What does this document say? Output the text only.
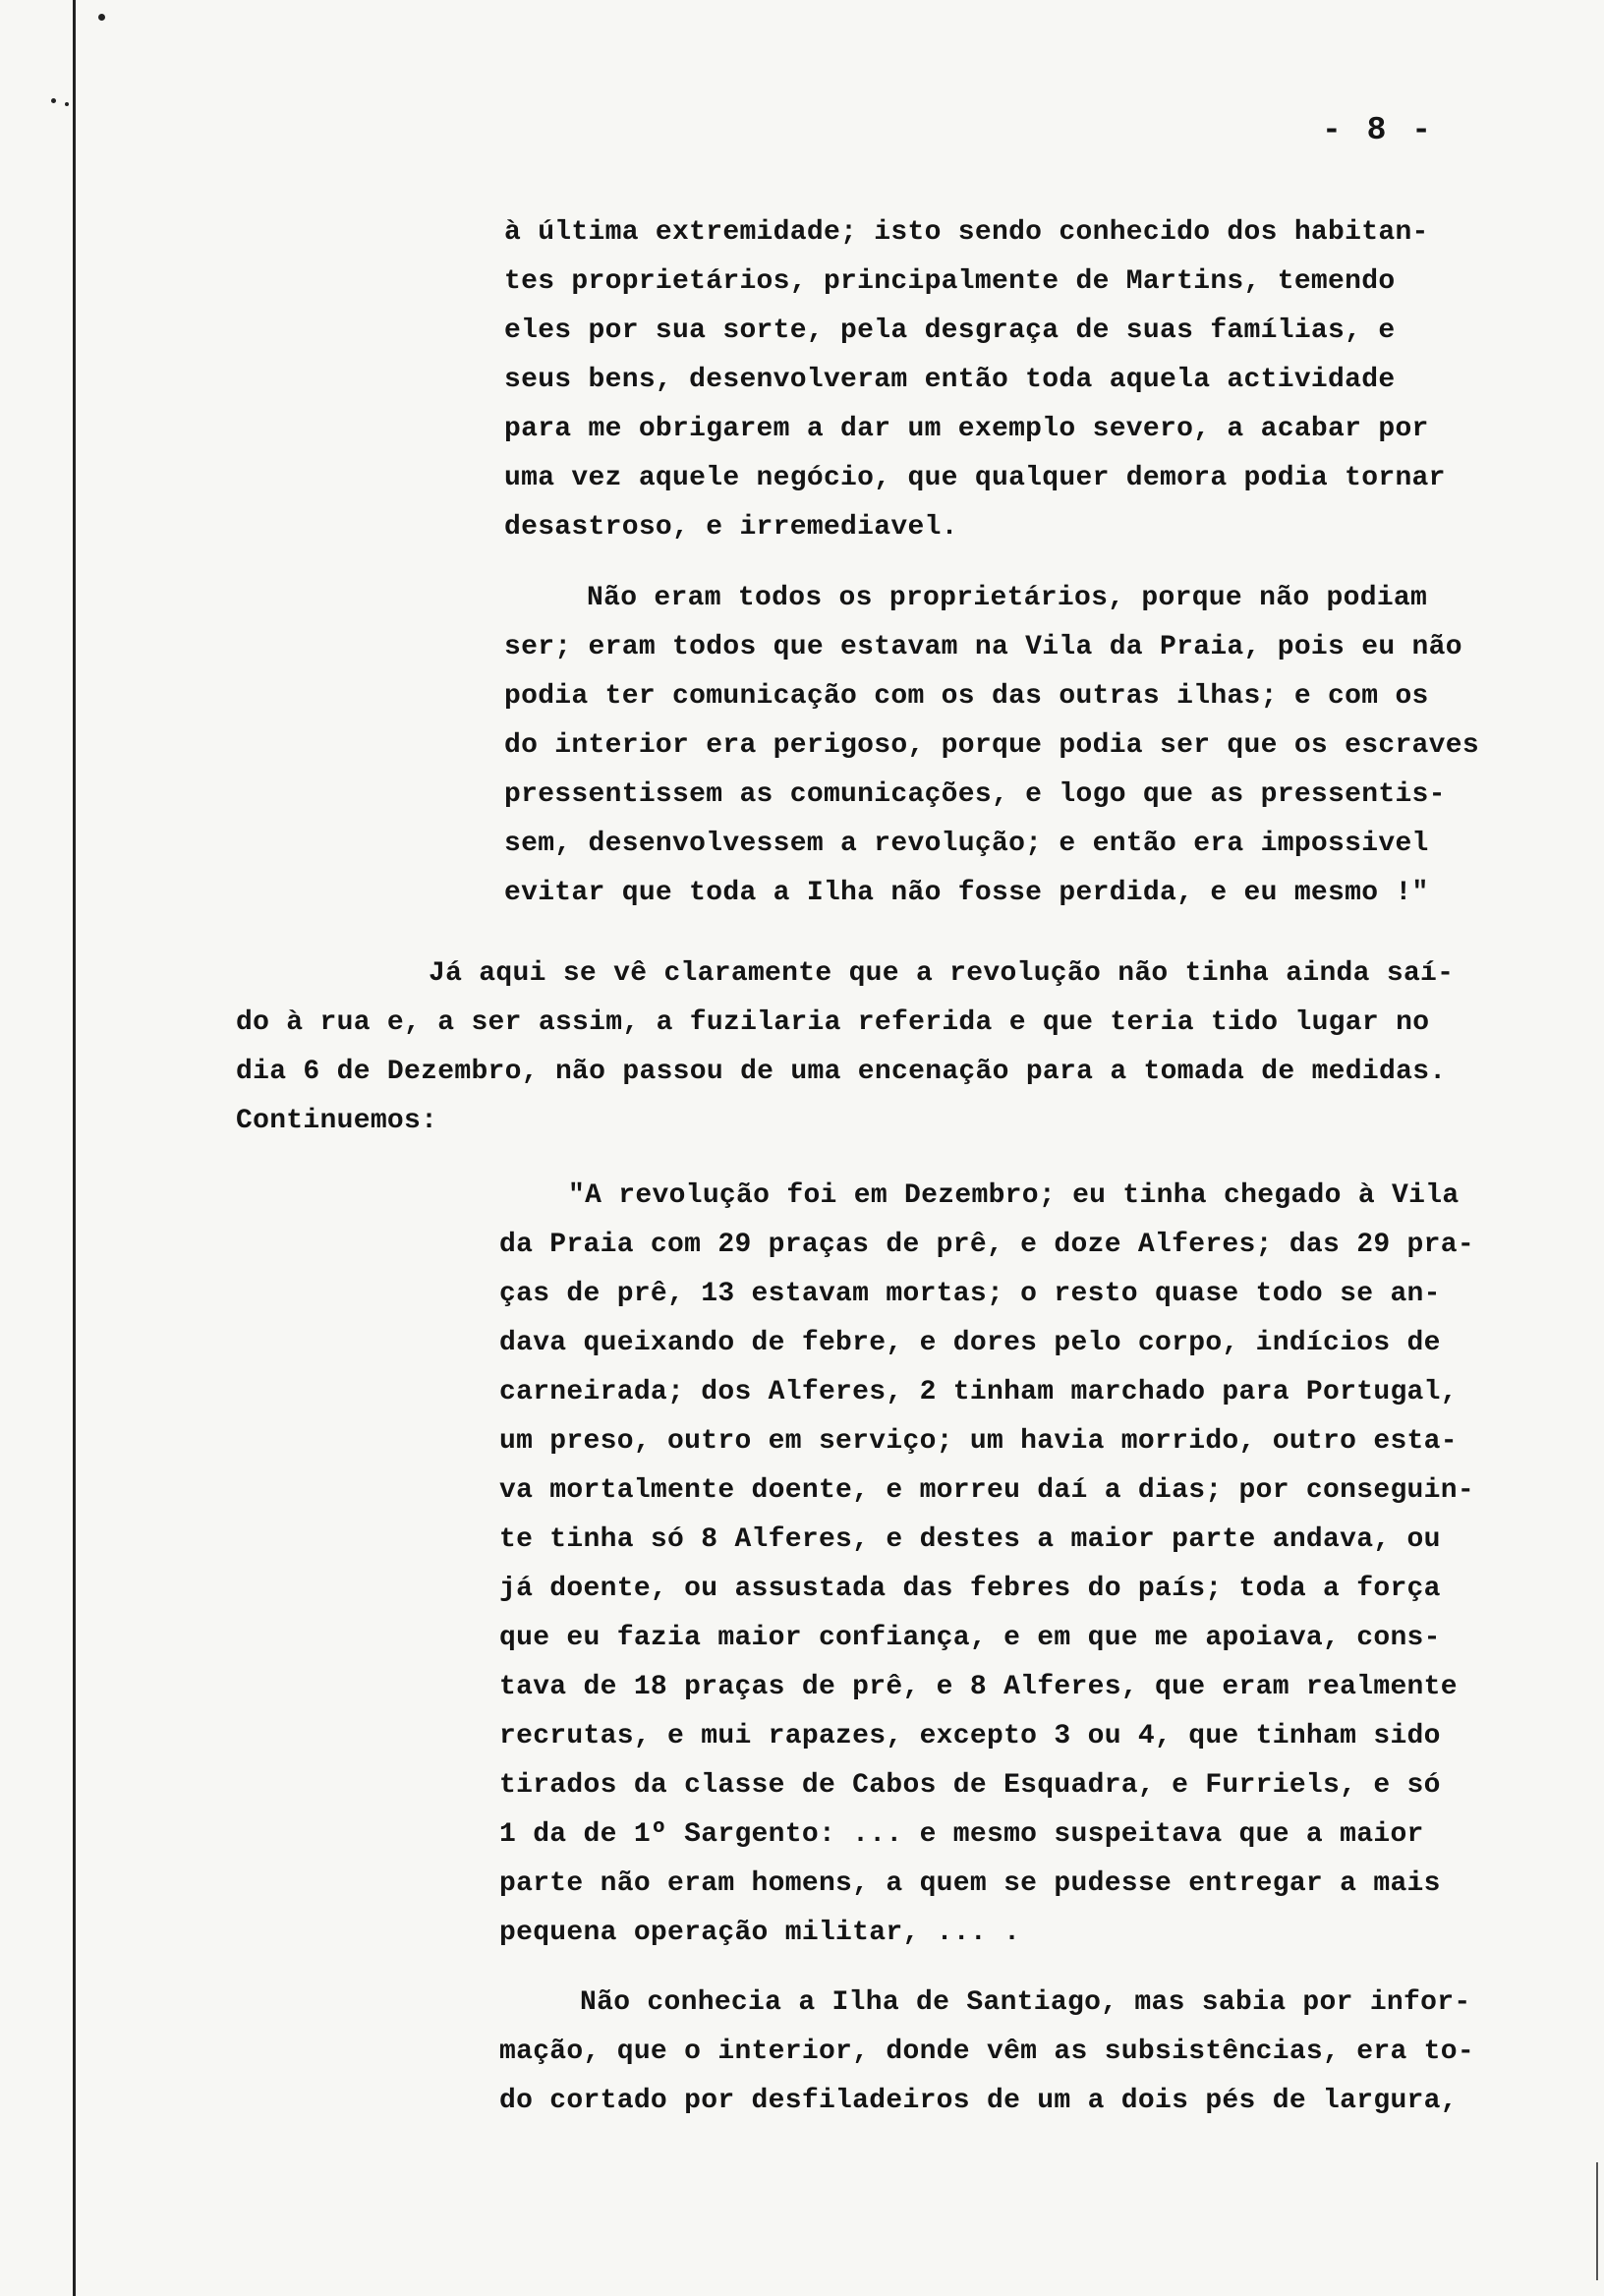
- 8 -
à última extremidade; isto sendo conhecido dos habitan-
tes proprietários, principalmente de Martins, temendo
eles por sua sorte, pela desgraça de suas famílias, e
seus bens, desenvolveram então toda aquela actividade
para me obrigarem a dar um exemplo severo, a acabar por
uma vez aquele negócio, que qualquer demora podia tornar
desastroso, e irremediavel.
Não eram todos os proprietários, porque não podiam
ser; eram todos que estavam na Vila da Praia, pois eu não
podia ter comunicação com os das outras ilhas; e com os
do interior era perigoso, porque podia ser que os escraves
pressentissem as comunicações, e logo que as pressentis-
sem, desenvolvessem a revolução; e então era impossivel
evitar que toda a Ilha não fosse perdida, e eu mesmo !"
Já aqui se vê claramente que a revolução não tinha ainda saí-
do à rua e, a ser assim, a fuzilaria referida e que teria tido lugar no
dia 6 de Dezembro, não passou de uma encenação para a tomada de medidas.
Continuemos:
"A revolução foi em Dezembro; eu tinha chegado à Vila
da Praia com 29 praças de prê, e doze Alferes; das 29 pra-
ças de prê, 13 estavam mortas; o resto quase todo se an-
dava queixando de febre, e dores pelo corpo, indícios de
carneirada; dos Alferes, 2 tinham marchado para Portugal,
um preso, outro em serviço; um havia morrido, outro esta-
va mortalmente doente, e morreu daí a dias; por conseguin-
te tinha só 8 Alferes, e destes a maior parte andava, ou
já doente, ou assustada das febres do país; toda a força
que eu fazia maior confiança, e em que me apoiava, cons-
tava de 18 praças de prê, e 8 Alferes, que eram realmente
recrutas, e mui rapazes, excepto 3 ou 4, que tinham sido
tirados da classe de Cabos de Esquadra, e Furriels, e só
1 da de 1º Sargento: ... e mesmo suspeitava que a maior
parte não eram homens, a quem se pudesse entregar a mais
pequena operação militar, ... .
Não conhecia a Ilha de Santiago, mas sabia por infor-
mação, que o interior, donde vêm as subsistências, era to-
do cortado por desfiladeiros de um a dois pés de largura,
